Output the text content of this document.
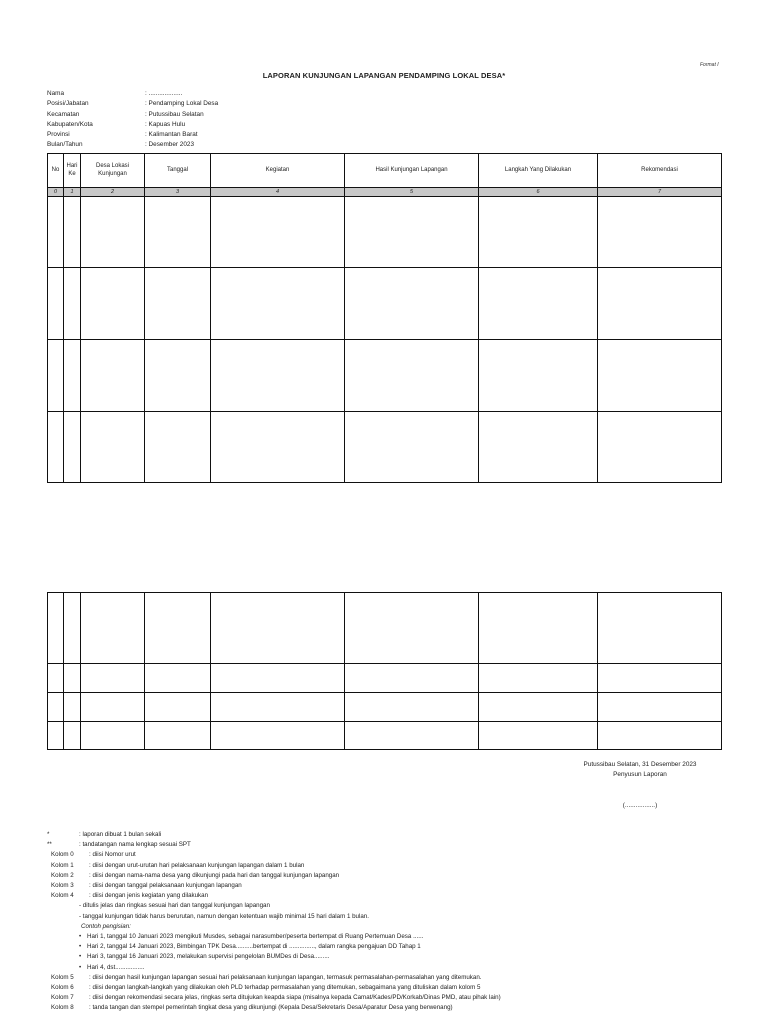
Format I
LAPORAN KUNJUNGAN LAPANGAN PENDAMPING LOKAL DESA*
Nama	: ...................
Posisi/Jabatan	: Pendamping Lokal Desa
Kecamatan	: Putussibau Selatan
Kabupaten/Kota	: Kapuas Hulu
Provinsi	: Kalimantan Barat
Bulan/Tahun	: Desember 2023
No	Hari Ke	Desa Lokasi Kunjungan	Tanggal	Kegiatan	Hasil Kunjungan Lapangan	Langkah Yang Dilakukan	Rekomendasi
0	1	2	3	4	5	6	7

Putussibau Selatan, 31 Desember 2023
Penyusun Laporan
(.................)
*	: laporan dibuat 1 bulan sekali
**	: tandatangan nama lengkap sesuai SPT
Kolom 0	: diisi Nomor urut
Kolom 1	: diisi dengan urut-urutan hari pelaksanaan kunjungan lapangan dalam 1 bulan
Kolom 2	: diisi dengan nama-nama desa yang dikunjungi pada hari dan tanggal kunjungan lapangan
Kolom 3	: diisi dengan tanggal pelaksanaan kunjungan lapangan
Kolom 4	: diisi dengan jenis kegiatan yang dilakukan
- ditulis jelas dan ringkas sesuai hari dan tanggal kunjungan lapangan
- tanggal kunjungan tidak harus berurutan, namun dengan ketentuan wajib minimal 15 hari dalam 1 bulan.
Contoh pengisian:
• Hari 1, tanggal 10 Januari 2023 mengikuti Musdes, sebagai narasumber/peserta bertempat di Ruang Pertemuan Desa ......
• Hari 2, tanggal 14 Januari 2023, Bimbingan TPK Desa..........bertempat di ..............., dalam rangka pengajuan DD Tahap 1
• Hari 3, tanggal 16 Januari 2023, melakukan supervisi pengelolan BUMDes di Desa.........
• Hari 4, dst.................
Kolom 5	: diisi dengan hasil kunjungan lapangan sesuai hari pelaksanaan kunjungan lapangan, termasuk permasalahan-permasalahan yang ditemukan.
Kolom 6	: diisi dengan langkah-langkah yang dilakukan oleh PLD terhadap permasalahan yang ditemukan, sebagaimana yang dituliskan dalam kolom 5
Kolom 7	: diisi dengan rekomendasi secara jelas, ringkas serta ditujukan keapda siapa (misalnya kepada Camat/Kades/PD/Korkab/Dinas PMD, atau pihak lain)
Kolom 8	: tanda tangan dan stempel pemerintah tingkat desa yang dikunjungi (Kepala Desa/Sekretaris Desa/Aparatur Desa yang berwenang)
